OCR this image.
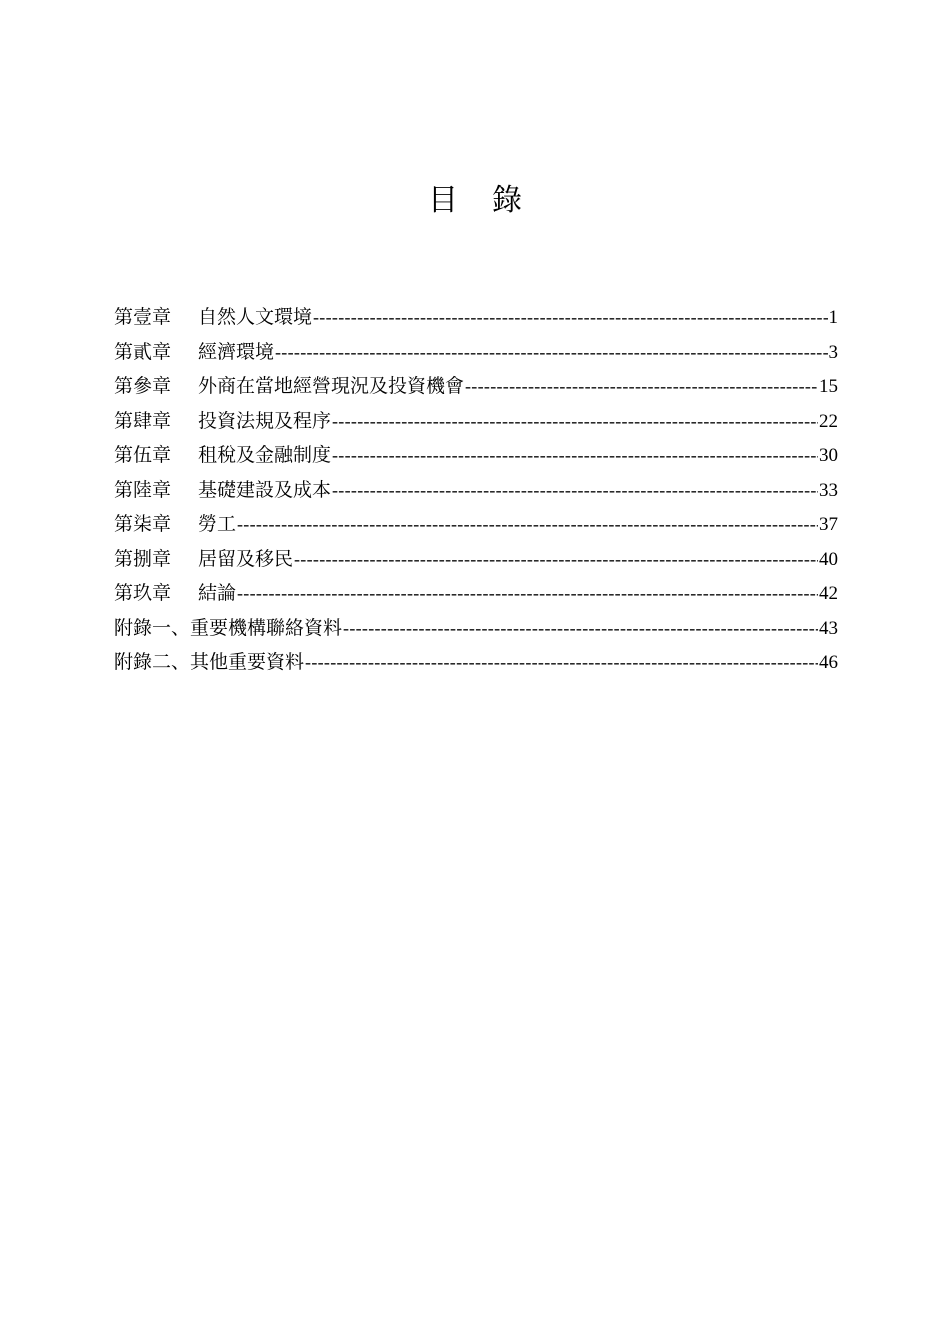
目 錄
第壹章	自然人文環境 -----	1
第貳章	經濟環境 -----	3
第參章	外商在當地經營現況及投資機會 -----	15
第肆章	投資法規及程序 -----	22
第伍章	租稅及金融制度 -----	30
第陸章	基礎建設及成本 -----	33
第柒章	勞工 -----	37
第捌章	居留及移民 -----	40
第玖章	結論 -----	42
附錄一、 重要機構聯絡資料 -----	43
附錄二、 其他重要資料 -----	46
